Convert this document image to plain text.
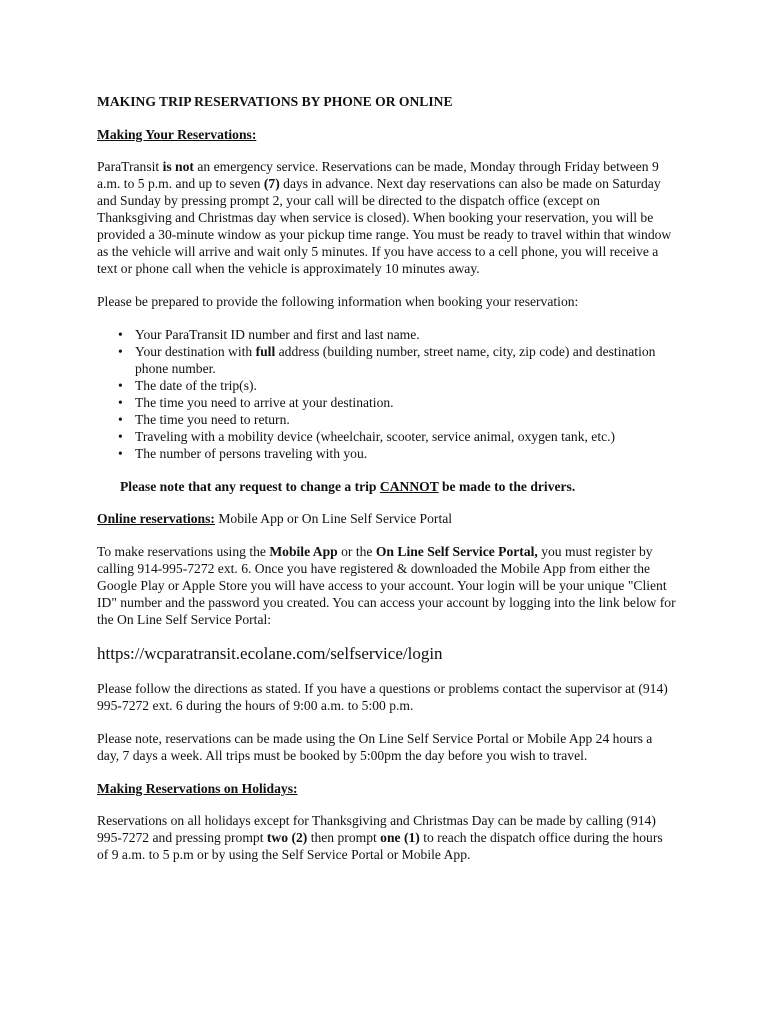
MAKING TRIP RESERVATIONS BY PHONE OR ONLINE
Making Your Reservations:

ParaTransit is not an emergency service. Reservations can be made, Monday through Friday between 9 a.m. to 5 p.m. and up to seven (7) days in advance. Next day reservations can also be made on Saturday and Sunday by pressing prompt 2, your call will be directed to the dispatch office (except on Thanksgiving and Christmas day when service is closed). When booking your reservation, you will be provided a 30-minute window as your pickup time range. You must be ready to travel within that window as the vehicle will arrive and wait only 5 minutes. If you have access to a cell phone, you will receive a text or phone call when the vehicle is approximately 10 minutes away.

Please be prepared to provide the following information when booking your reservation:

• Your ParaTransit ID number and first and last name.
• Your destination with full address (building number, street name, city, zip code) and destination phone number.
• The date of the trip(s).
• The time you need to arrive at your destination.
• The time you need to return.
• Traveling with a mobility device (wheelchair, scooter, service animal, oxygen tank, etc.)
• The number of persons traveling with you.
Please note that any request to change a trip CANNOT be made to the drivers.
Online reservations: Mobile App or On Line Self Service Portal

To make reservations using the Mobile App or the On Line Self Service Portal, you must register by calling 914-995-7272 ext. 6. Once you have registered & downloaded the Mobile App from either the Google Play or Apple Store you will have access to your account. Your login will be your unique "Client ID" number and the password you created. You can access your account by logging into the link below for the On Line Self Service Portal:

https://wcparatransit.ecolane.com/selfservice/login

Please follow the directions as stated. If you have a questions or problems contact the supervisor at (914) 995-7272 ext. 6 during the hours of 9:00 a.m. to 5:00 p.m.

Please note, reservations can be made using the On Line Self Service Portal or Mobile App 24 hours a day, 7 days a week. All trips must be booked by 5:00pm the day before you wish to travel.

Making Reservations on Holidays:

Reservations on all holidays except for Thanksgiving and Christmas Day can be made by calling (914) 995-7272 and pressing prompt two (2) then prompt one (1) to reach the dispatch office during the hours of 9 a.m. to 5 p.m or by using the Self Service Portal or Mobile App.
